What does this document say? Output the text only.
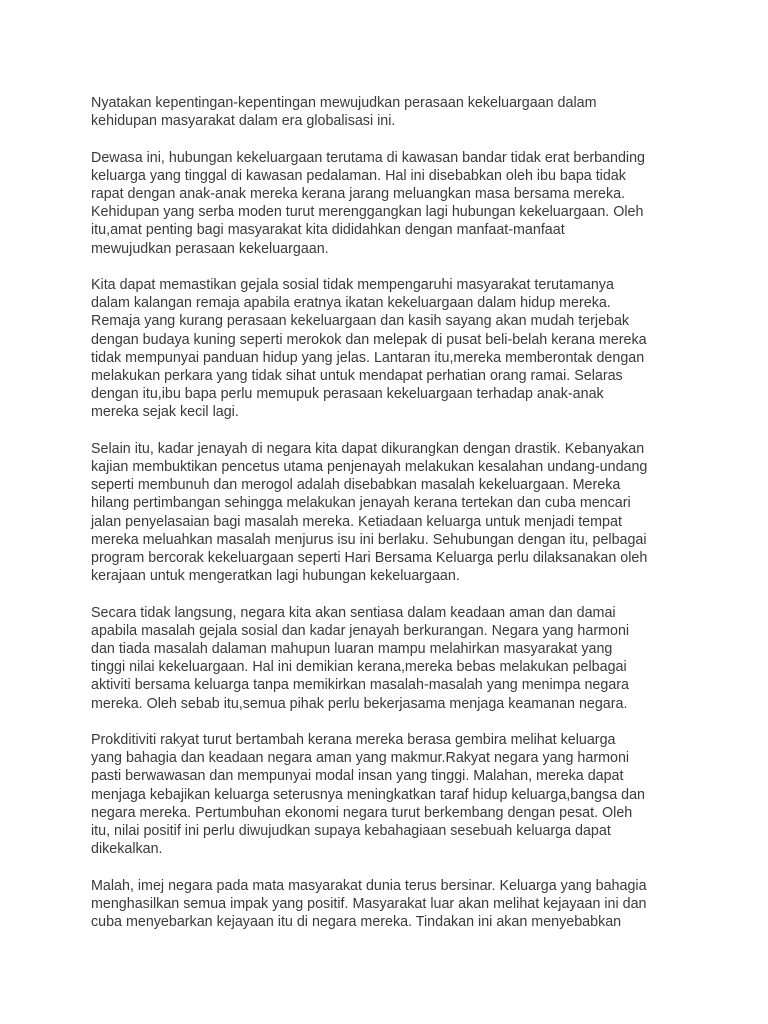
Nyatakan kepentingan-kepentingan mewujudkan perasaan kekeluargaan dalam
kehidupan masyarakat dalam era globalisasi ini.

Dewasa ini, hubungan kekeluargaan terutama di kawasan bandar tidak erat berbanding
keluarga yang tinggal di kawasan pedalaman. Hal ini disebabkan oleh ibu bapa tidak
rapat dengan anak-anak mereka kerana jarang meluangkan masa bersama mereka.
Kehidupan yang serba moden turut merenggangkan lagi hubungan kekeluargaan. Oleh
itu,amat penting bagi masyarakat kita dididahkan dengan manfaat-manfaat
mewujudkan perasaan kekeluargaan.

Kita dapat memastikan gejala sosial tidak mempengaruhi masyarakat terutamanya
dalam kalangan remaja apabila eratnya ikatan kekeluargaan dalam hidup mereka.
Remaja yang kurang perasaan kekeluargaan dan kasih sayang akan mudah terjebak
dengan budaya kuning seperti merokok dan melepak di pusat beli-belah kerana mereka
tidak mempunyai panduan hidup yang jelas. Lantaran itu,mereka memberontak dengan
melakukan perkara yang tidak sihat untuk mendapat perhatian orang ramai. Selaras
dengan itu,ibu bapa perlu memupuk perasaan kekeluargaan terhadap anak-anak
mereka sejak kecil lagi.

Selain itu, kadar jenayah di negara kita dapat dikurangkan dengan drastik. Kebanyakan
kajian membuktikan pencetus utama penjenayah melakukan kesalahan undang-undang
seperti membunuh dan merogol adalah disebabkan masalah kekeluargaan. Mereka
hilang pertimbangan sehingga melakukan jenayah kerana tertekan dan cuba mencari
jalan penyelasaian bagi masalah mereka. Ketiadaan keluarga untuk menjadi tempat
mereka meluahkan masalah menjurus isu ini berlaku. Sehubungan dengan itu, pelbagai
program bercorak kekeluargaan seperti Hari Bersama Keluarga perlu dilaksanakan oleh
kerajaan untuk mengeratkan lagi hubungan kekeluargaan.

Secara tidak langsung, negara kita akan sentiasa dalam keadaan aman dan damai
apabila masalah gejala sosial dan kadar jenayah berkurangan. Negara yang harmoni
dan tiada masalah dalaman mahupun luaran mampu melahirkan masyarakat yang
tinggi nilai kekeluargaan. Hal ini demikian kerana,mereka bebas melakukan pelbagai
aktiviti bersama keluarga tanpa memikirkan masalah-masalah yang menimpa negara
mereka. Oleh sebab itu,semua pihak perlu bekerjasama menjaga keamanan negara.

Prokditiviti rakyat turut bertambah kerana mereka berasa gembira melihat keluarga
yang bahagia dan keadaan negara aman yang makmur.Rakyat negara yang harmoni
pasti berwawasan dan mempunyai modal insan yang tinggi. Malahan, mereka dapat
menjaga kebajikan keluarga seterusnya meningkatkan taraf hidup keluarga,bangsa dan
negara mereka. Pertumbuhan ekonomi negara turut berkembang dengan pesat. Oleh
itu, nilai positif ini perlu diwujudkan supaya kebahagiaan sesebuah keluarga dapat
dikekalkan.

Malah, imej negara pada mata masyarakat dunia terus bersinar. Keluarga yang bahagia
menghasilkan semua impak yang positif. Masyarakat luar akan melihat kejayaan ini dan
cuba menyebarkan kejayaan itu di negara mereka. Tindakan ini akan menyebabkan
